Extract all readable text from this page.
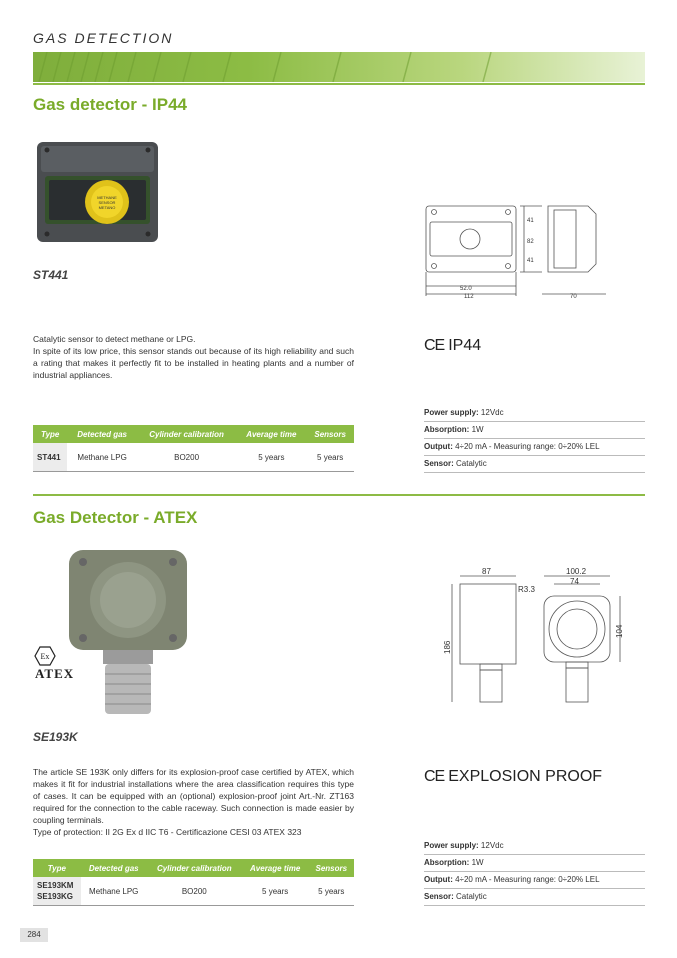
GAS DETECTION
Gas detector - IP44
METHANE
SENSOR
METANO
ST441
52.0
112
41
82
41
70
Catalytic sensor to detect methane or LPG.
In spite of its low price, this sensor stands out because of its high reliability and such a rating that makes it perfectly fit to be installed in heating plants and a number of industrial appliances.
CE IP44
Type	Detected gas	Cylinder calibration	Average time	Sensors
ST441	Methane LPG	BO200	5 years	5 years
Power supply: 12Vdc
Absorption: 1W
Output: 4÷20 mA - Measuring range: 0÷20% LEL
Sensor: Catalytic
Gas Detector - ATEX
Ex
ATEX
SE193K
87	100.2
74
R3.3
186
104
The article SE 193K only differs for its explosion-proof case certified by ATEX, which makes it fit for industrial installations where the area classification requires this type of cases. It can be equipped with an (optional) explosion-proof joint Art.-Nr. ZT163 required for the connection to the cable raceway. Such connection is made easier by coupling terminals.
Type of protection: II 2G Ex d IIC T6 - Certificazione CESI 03 ATEX 323
CE EXPLOSION PROOF
Type	Detected gas	Cylinder calibration	Average time	Sensors
SE193KM
SE193KG	Methane LPG	BO200	5 years	5 years
Power supply: 12Vdc
Absorption: 1W
Output: 4÷20 mA - Measuring range: 0÷20% LEL
Sensor: Catalytic
284
